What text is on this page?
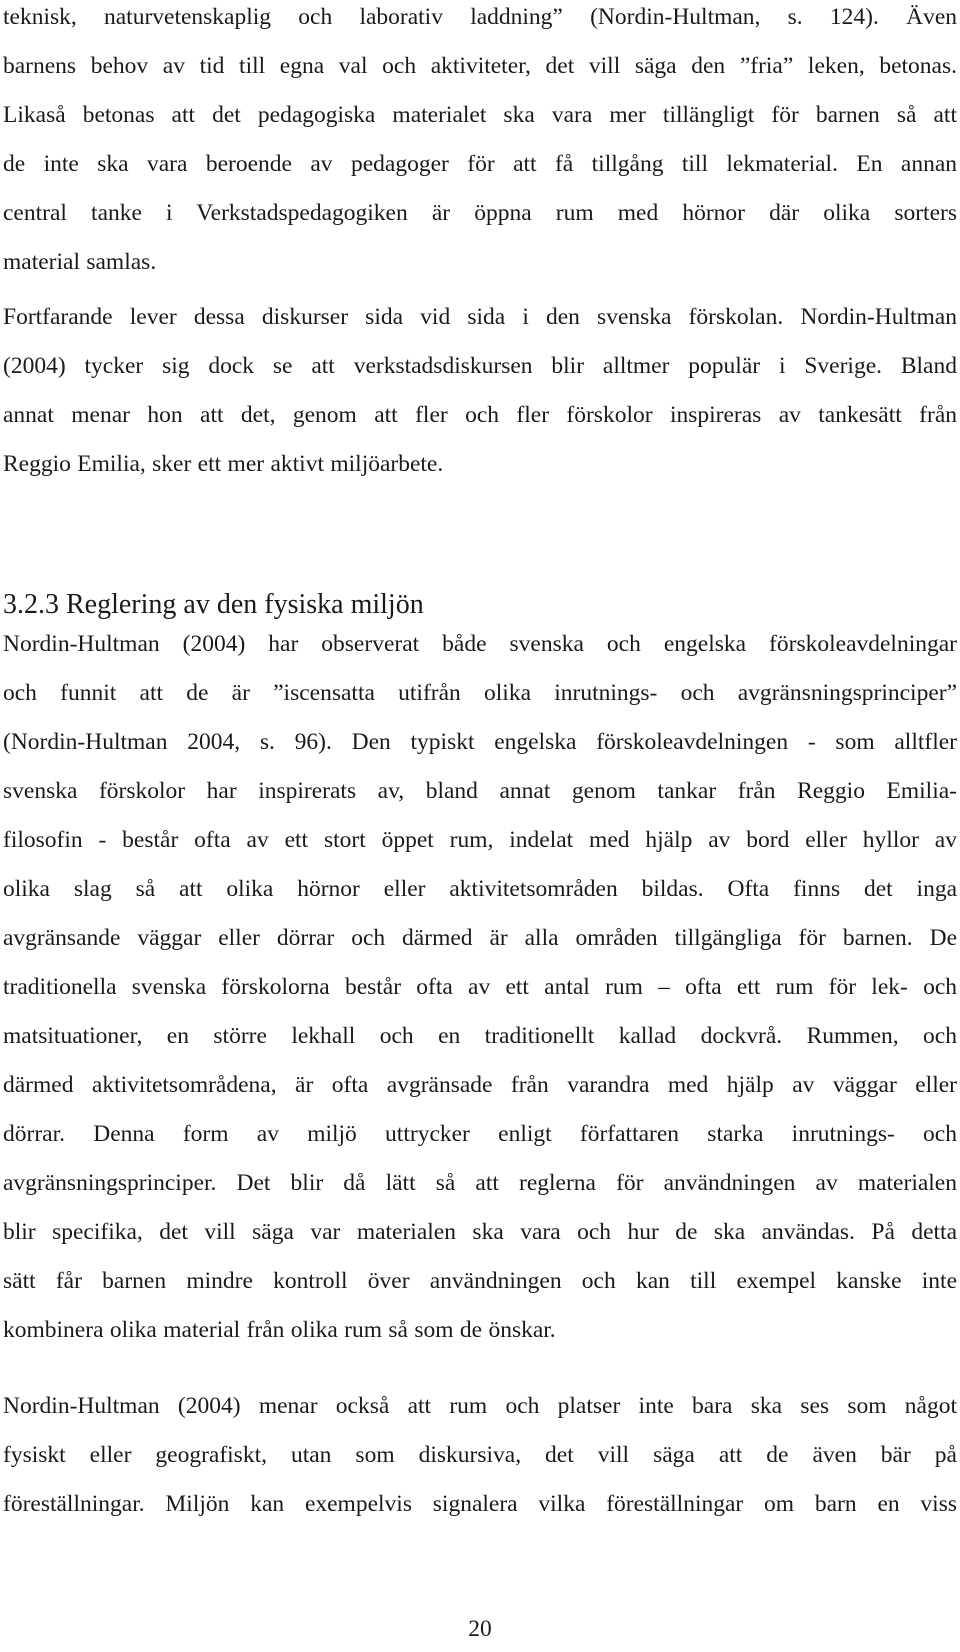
teknisk, naturvetenskaplig och laborativ laddning” (Nordin-Hultman, s. 124). Även
barnens behov av tid till egna val och aktiviteter, det vill säga den ”fria” leken, betonas.
Likaså betonas att det pedagogiska materialet ska vara mer tillängligt för barnen så att
de inte ska vara beroende av pedagoger för att få tillgång till lekmaterial. En annan
central tanke i Verkstadspedagogiken är öppna rum med hörnor där olika sorters
material samlas.

Fortfarande lever dessa diskurser sida vid sida i den svenska förskolan. Nordin-Hultman
(2004) tycker sig dock se att verkstadsdiskursen blir alltmer populär i Sverige. Bland
annat menar hon att det, genom att fler och fler förskolor inspireras av tankesätt från
Reggio Emilia, sker ett mer aktivt miljöarbete.

3.2.3 Reglering av den fysiska miljön

Nordin-Hultman (2004) har observerat både svenska och engelska förskoleavdelningar
och funnit att de är ”iscensatta utifrån olika inrutnings- och avgränsningsprinciper”
(Nordin-Hultman 2004, s. 96). Den typiskt engelska förskoleavdelningen - som alltfler
svenska förskolor har inspirerats av, bland annat genom tankar från Reggio Emilia-
filosofin - består ofta av ett stort öppet rum, indelat med hjälp av bord eller hyllor av
olika slag så att olika hörnor eller aktivitetsområden bildas. Ofta finns det inga
avgränsande väggar eller dörrar och därmed är alla områden tillgängliga för barnen. De
traditionella svenska förskolorna består ofta av ett antal rum – ofta ett rum för lek- och
matsituationer, en större lekhall och en traditionellt kallad dockvrå. Rummen, och
därmed aktivitetsområdena, är ofta avgränsade från varandra med hjälp av väggar eller
dörrar. Denna form av miljö uttrycker enligt författaren starka inrutnings- och
avgränsningsprinciper. Det blir då lätt så att reglerna för användningen av materialen
blir specifika, det vill säga var materialen ska vara och hur de ska användas. På detta
sätt får barnen mindre kontroll över användningen och kan till exempel kanske inte
kombinera olika material från olika rum så som de önskar.

Nordin-Hultman (2004) menar också att rum och platser inte bara ska ses som något
fysiskt eller geografiskt, utan som diskursiva, det vill säga att de även bär på
föreställningar. Miljön kan exempelvis signalera vilka föreställningar om barn en viss

20
